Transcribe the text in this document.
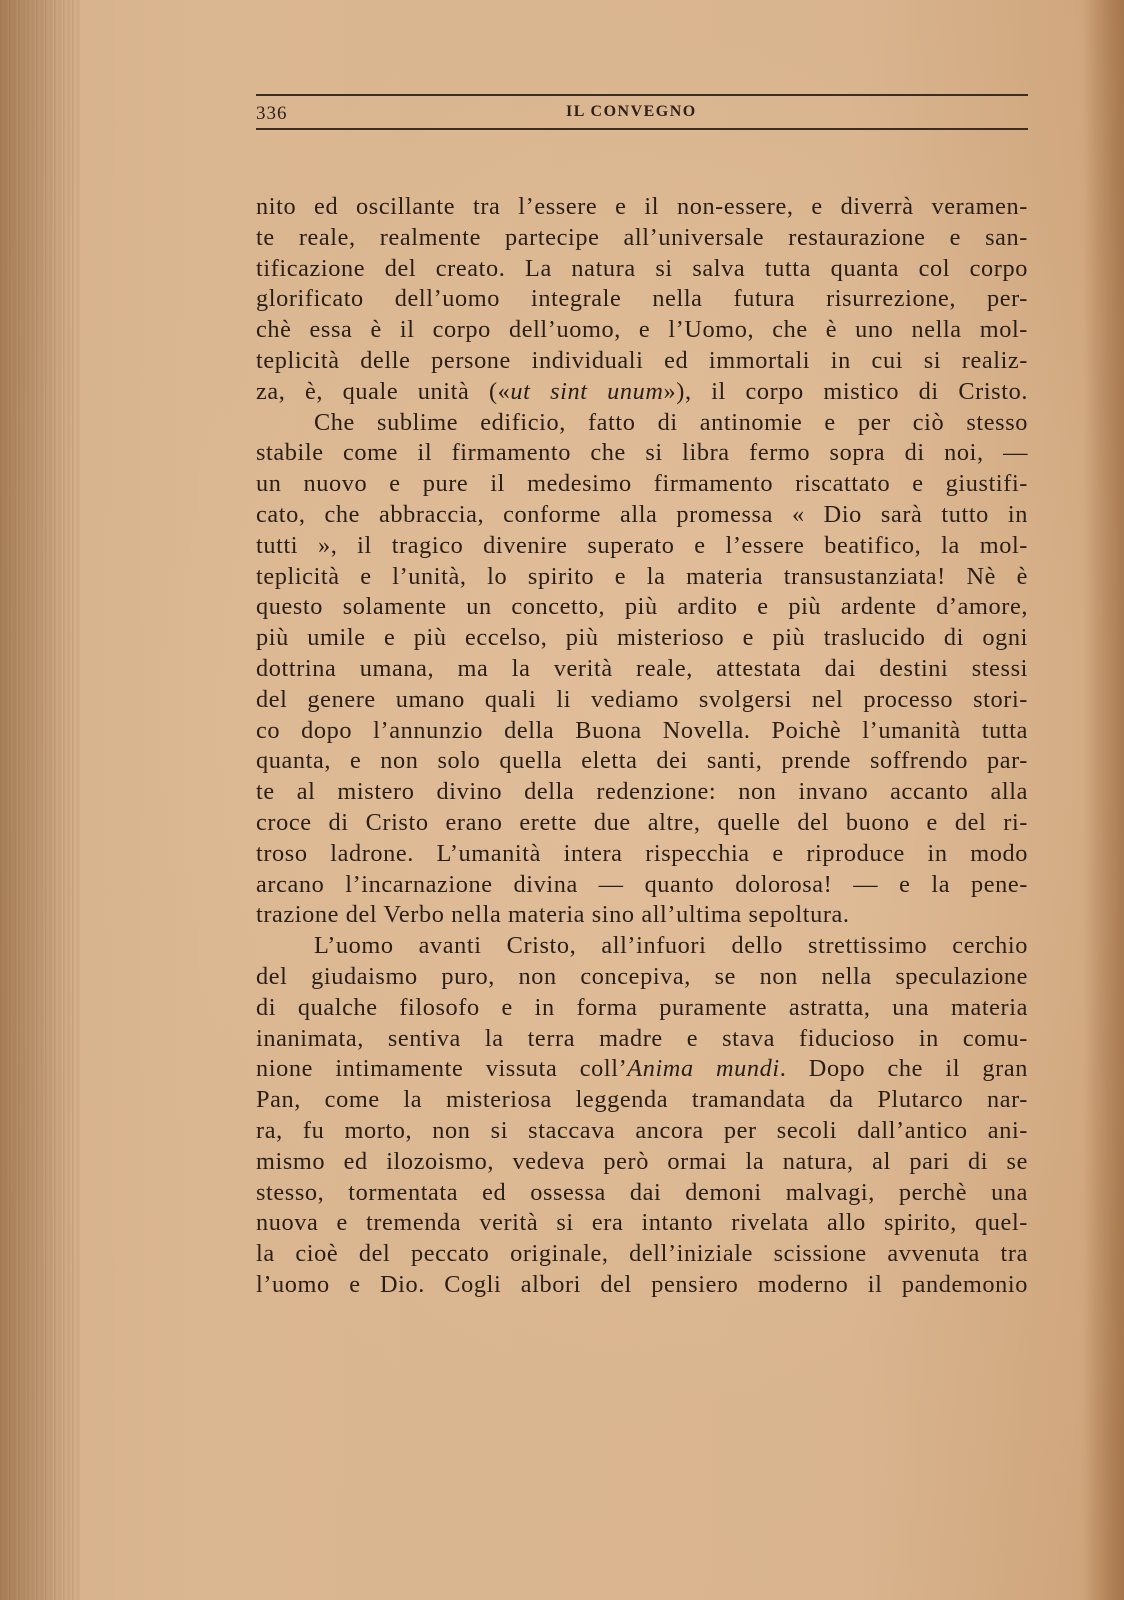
336	IL CONVEGNO
nito ed oscillante tra l’essere e il non-essere, e diverrà veramen-
te reale, realmente partecipe all’universale restaurazione e san-
tificazione del creato. La natura si salva tutta quanta col corpo
glorificato dell’uomo integrale nella futura risurrezione, per-
chè essa è il corpo dell’uomo, e l’Uomo, che è uno nella mol-
teplicità delle persone individuali ed immortali in cui si realiz-
za, è, quale unità («ut sint unum»), il corpo mistico di Cristo.
Che sublime edificio, fatto di antinomie e per ciò stesso
stabile come il firmamento che si libra fermo sopra di noi, —
un nuovo e pure il medesimo firmamento riscattato e giustifi-
cato, che abbraccia, conforme alla promessa « Dio sarà tutto in
tutti », il tragico divenire superato e l’essere beatifico, la mol-
teplicità e l’unità, lo spirito e la materia transustanziata! Nè è
questo solamente un concetto, più ardito e più ardente d’amore,
più umile e più eccelso, più misterioso e più traslucido di ogni
dottrina umana, ma la verità reale, attestata dai destini stessi
del genere umano quali li vediamo svolgersi nel processo stori-
co dopo l’annunzio della Buona Novella. Poichè l’umanità tutta
quanta, e non solo quella eletta dei santi, prende soffrendo par-
te al mistero divino della redenzione: non invano accanto alla
croce di Cristo erano erette due altre, quelle del buono e del ri-
troso ladrone. L’umanità intera rispecchia e riproduce in modo
arcano l’incarnazione divina — quanto dolorosa! — e la pene-
trazione del Verbo nella materia sino all’ultima sepoltura.
L’uomo avanti Cristo, all’infuori dello strettissimo cerchio
del giudaismo puro, non concepiva, se non nella speculazione
di qualche filosofo e in forma puramente astratta, una materia
inanimata, sentiva la terra madre e stava fiducioso in comu-
nione intimamente vissuta coll’Anima mundi. Dopo che il gran
Pan, come la misteriosa leggenda tramandata da Plutarco nar-
ra, fu morto, non si staccava ancora per secoli dall’antico ani-
mismo ed ilozoismo, vedeva però ormai la natura, al pari di se
stesso, tormentata ed ossessa dai demoni malvagi, perchè una
nuova e tremenda verità si era intanto rivelata allo spirito, quel-
la cioè del peccato originale, dell’iniziale scissione avvenuta tra
l’uomo e Dio. Cogli albori del pensiero moderno il pandemonio
